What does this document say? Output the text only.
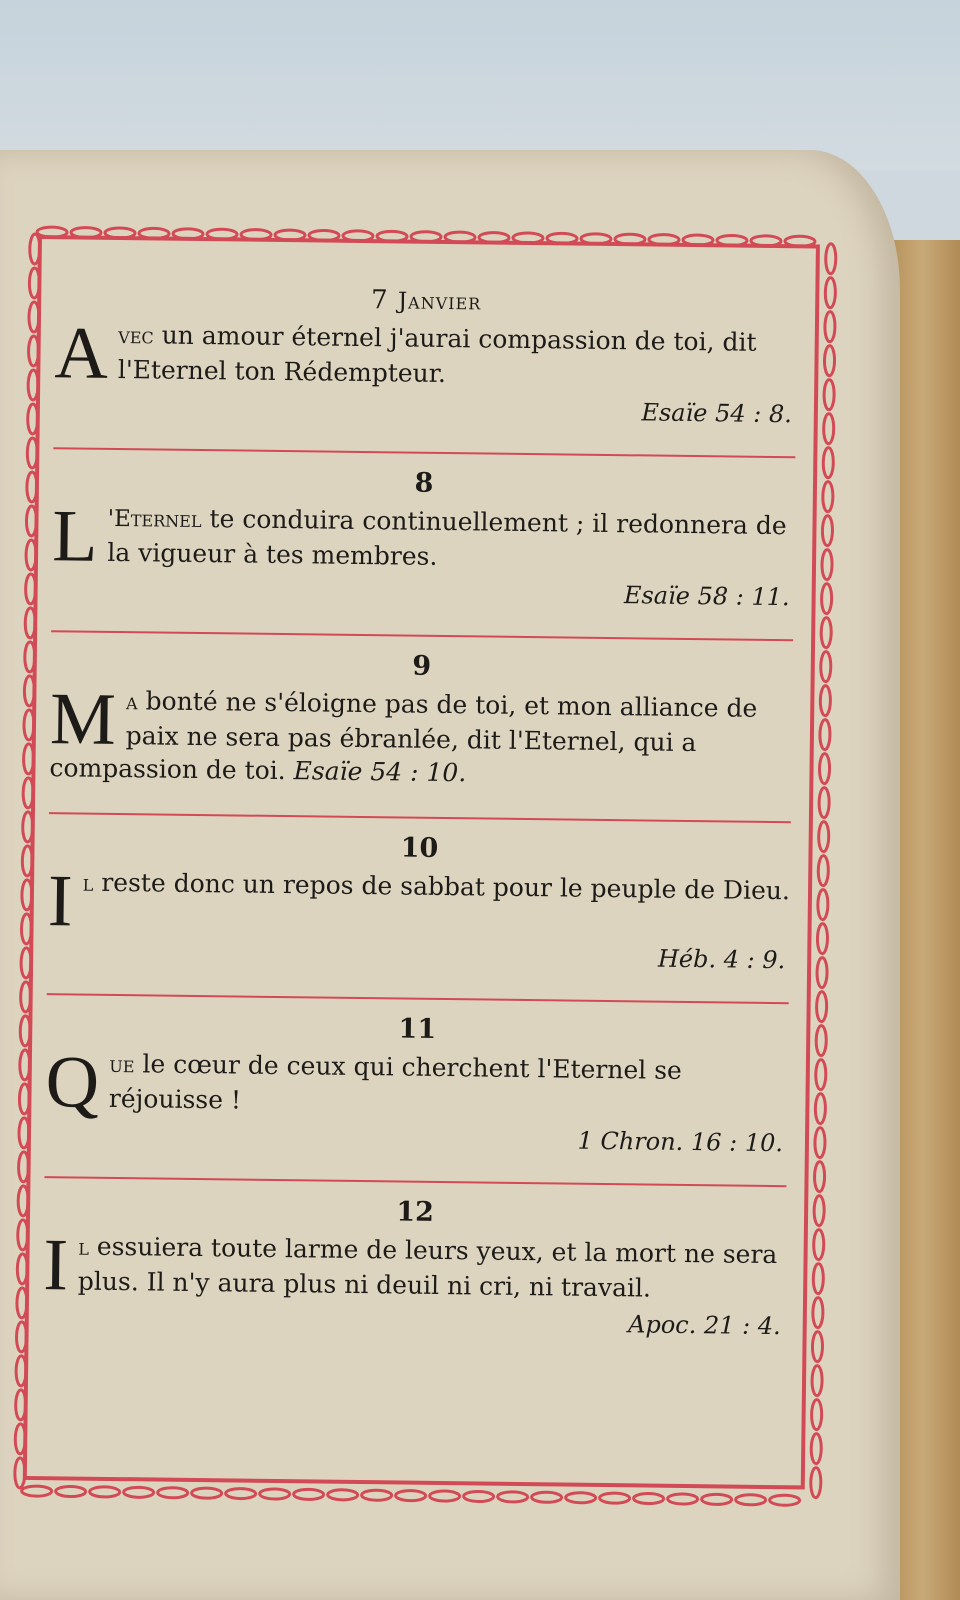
7 Janvier

Avec un amour éternel j'aurai compassion de toi, dit l'Eternel ton Rédempteur.

Esaïe 54 : 8.
8

L 'Eternel te conduira continuellement ; il redonnera de la vigueur à tes membres.

Esaïe 58 : 11.
9

Ma bonté ne s'éloigne pas de toi, et mon alliance de paix ne sera pas ébranlée, dit l'Eternel, qui a compassion de toi. Esaïe 54 : 10.

10

Il reste donc un repos de sabbat pour le peuple de Dieu.

Héb. 4 : 9.
11

Que le cœur de ceux qui cherchent l'Eternel se réjouisse !

1 Chron. 16 : 10.
12

Il essuiera toute larme de leurs yeux, et la mort ne sera plus. Il n'y aura plus ni deuil ni cri, ni travail.

Apoc. 21 : 4.
